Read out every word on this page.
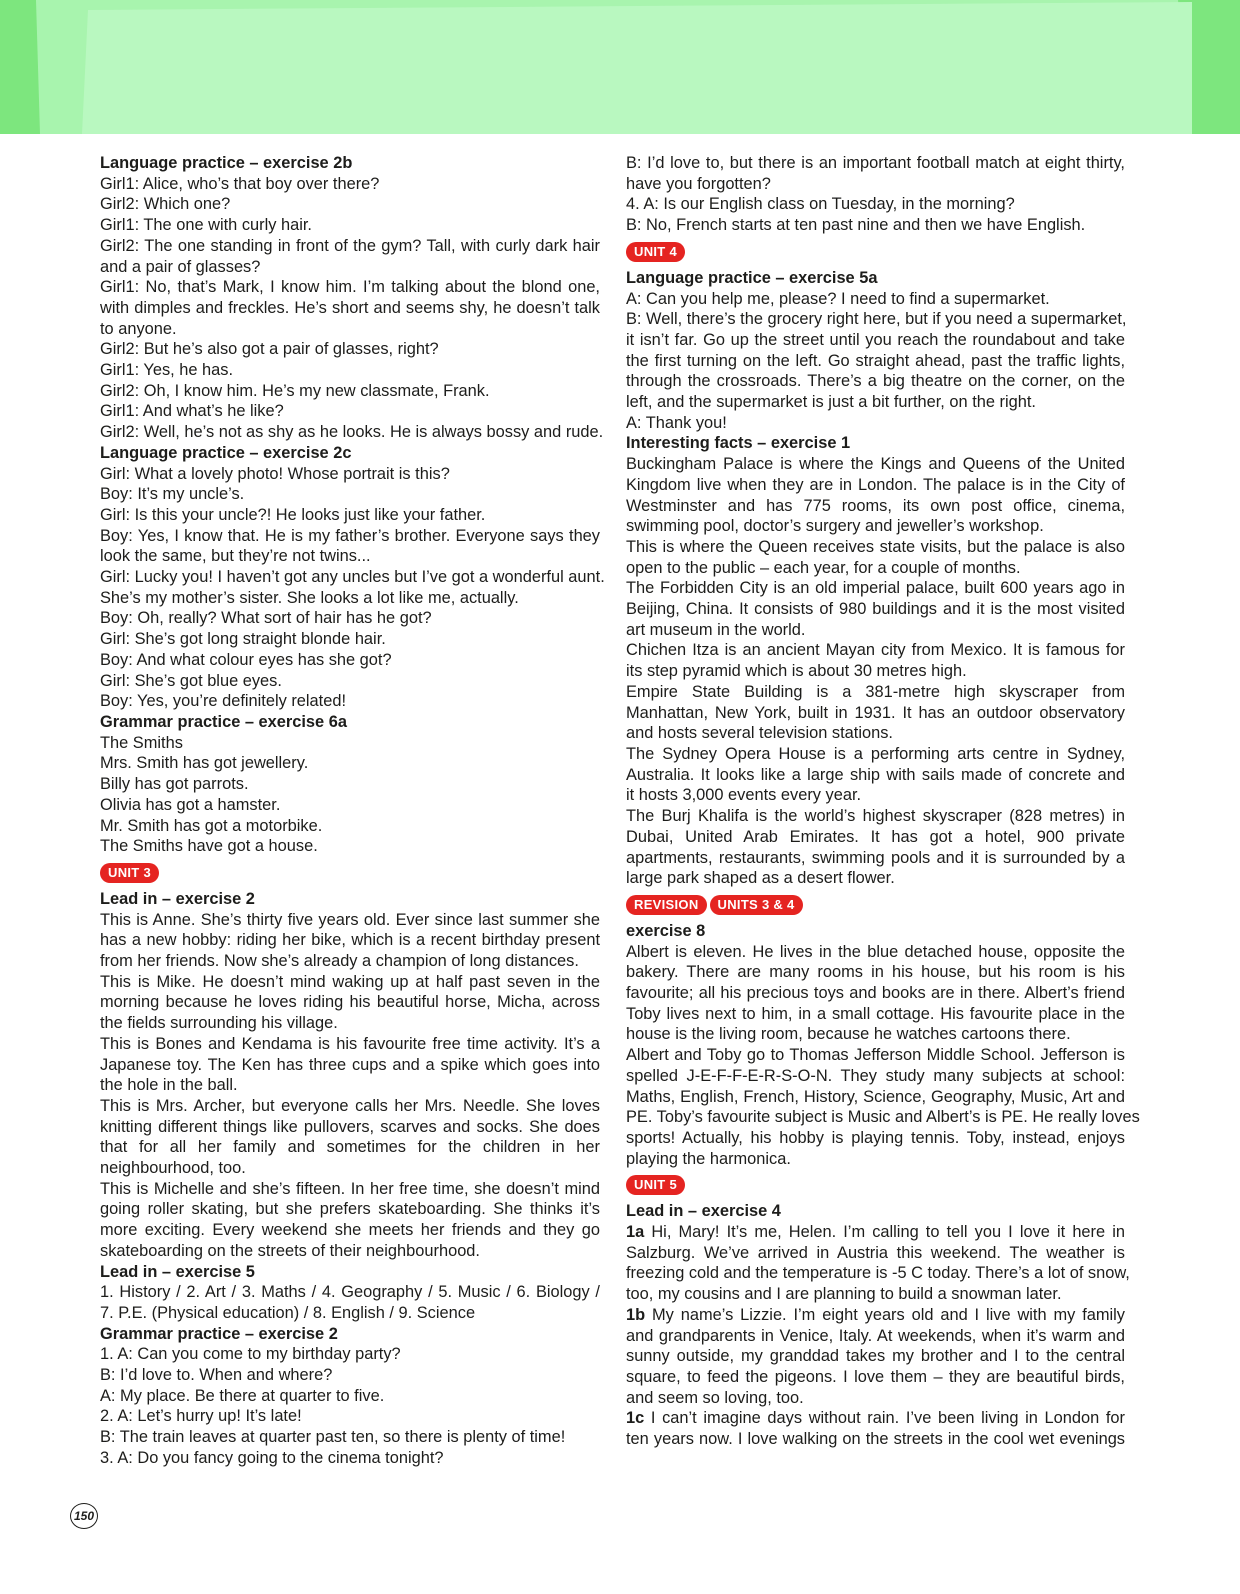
Language practice – exercise 2b
Girl1: Alice, who’s that boy over there?
Girl2: Which one?
Girl1: The one with curly hair.
Girl2: The one standing in front of the gym? Tall, with curly dark hair
and a pair of glasses?
Girl1: No, that’s Mark, I know him. I’m talking about the blond one,
with dimples and freckles. He’s short and seems shy, he doesn’t talk
to anyone.
Girl2: But he’s also got a pair of glasses, right?
Girl1: Yes, he has.
Girl2: Oh, I know him. He’s my new classmate, Frank.
Girl1: And what’s he like?
Girl2: Well, he’s not as shy as he looks. He is always bossy and rude.
Language practice – exercise 2c
Girl: What a lovely photo! Whose portrait is this?
Boy: It’s my uncle’s.
Girl: Is this your uncle?! He looks just like your father.
Boy: Yes, I know that. He is my father’s brother. Everyone says they
look the same, but they’re not twins...
Girl: Lucky you! I haven’t got any uncles but I’ve got a wonderful aunt.
She’s my mother’s sister. She looks a lot like me, actually.
Boy: Oh, really? What sort of hair has he got?
Girl: She’s got long straight blonde hair.
Boy: And what colour eyes has she got?
Girl: She’s got blue eyes.
Boy: Yes, you’re definitely related!
Grammar practice – exercise 6a
The Smiths
Mrs. Smith has got jewellery.
Billy has got parrots.
Olivia has got a hamster.
Mr. Smith has got a motorbike.
The Smiths have got a house.
UNIT 3
Lead in – exercise 2
This is Anne. She’s thirty five years old. Ever since last summer she
has a new hobby: riding her bike, which is a recent birthday present
from her friends. Now she’s already a champion of long distances.
This is Mike. He doesn’t mind waking up at half past seven in the
morning because he loves riding his beautiful horse, Micha, across
the fields surrounding his village.
This is Bones and Kendama is his favourite free time activity. It’s a
Japanese toy. The Ken has three cups and a spike which goes into
the hole in the ball.
This is Mrs. Archer, but everyone calls her Mrs. Needle. She loves
knitting different things like pullovers, scarves and socks. She does
that for all her family and sometimes for the children in her
neighbourhood, too.
This is Michelle and she’s fifteen. In her free time, she doesn’t mind
going roller skating, but she prefers skateboarding. She thinks it’s
more exciting. Every weekend she meets her friends and they go
skateboarding on the streets of their neighbourhood.
Lead in – exercise 5
1. History / 2. Art / 3. Maths / 4. Geography / 5. Music / 6. Biology /
7. P.E. (Physical education) / 8. English / 9. Science
Grammar practice – exercise 2
1. A: Can you come to my birthday party?
B: I’d love to. When and where?
A: My place. Be there at quarter to five.
2. A: Let’s hurry up! It’s late!
B: The train leaves at quarter past ten, so there is plenty of time!
3. A: Do you fancy going to the cinema tonight?
B: I’d love to, but there is an important football match at eight thirty,
have you forgotten?
4. A: Is our English class on Tuesday, in the morning?
B: No, French starts at ten past nine and then we have English.
UNIT 4
Language practice – exercise 5a
A: Can you help me, please? I need to find a supermarket.
B: Well, there’s the grocery right here, but if you need a supermarket,
it isn’t far. Go up the street until you reach the roundabout and take
the first turning on the left. Go straight ahead, past the traffic lights,
through the crossroads. There’s a big theatre on the corner, on the
left, and the supermarket is just a bit further, on the right.
A: Thank you!
Interesting facts – exercise 1
Buckingham Palace is where the Kings and Queens of the United
Kingdom live when they are in London. The palace is in the City of
Westminster and has 775 rooms, its own post office, cinema,
swimming pool, doctor’s surgery and jeweller’s workshop.
This is where the Queen receives state visits, but the palace is also
open to the public – each year, for a couple of months.
The Forbidden City is an old imperial palace, built 600 years ago in
Beijing, China. It consists of 980 buildings and it is the most visited
art museum in the world.
Chichen Itza is an ancient Mayan city from Mexico. It is famous for
its step pyramid which is about 30 metres high.
Empire State Building is a 381-metre high skyscraper from
Manhattan, New York, built in 1931. It has an outdoor observatory
and hosts several television stations.
The Sydney Opera House is a performing arts centre in Sydney,
Australia. It looks like a large ship with sails made of concrete and
it hosts 3,000 events every year.
The Burj Khalifa is the world’s highest skyscraper (828 metres) in
Dubai, United Arab Emirates. It has got a hotel, 900 private
apartments, restaurants, swimming pools and it is surrounded by a
large park shaped as a desert flower.
REVISION	UNITS 3 & 4
exercise 8
Albert is eleven. He lives in the blue detached house, opposite the
bakery. There are many rooms in his house, but his room is his
favourite; all his precious toys and books are in there. Albert’s friend
Toby lives next to him, in a small cottage. His favourite place in the
house is the living room, because he watches cartoons there.
Albert and Toby go to Thomas Jefferson Middle School. Jefferson is
spelled J-E-F-F-E-R-S-O-N. They study many subjects at school:
Maths, English, French, History, Science, Geography, Music, Art and
PE. Toby’s favourite subject is Music and Albert’s is PE. He really loves
sports! Actually, his hobby is playing tennis. Toby, instead, enjoys
playing the harmonica.
UNIT 5
Lead in – exercise 4
1a Hi, Mary! It’s me, Helen. I’m calling to tell you I love it here in
Salzburg. We’ve arrived in Austria this weekend. The weather is
freezing cold and the temperature is -5 C today. There’s a lot of snow,
too, my cousins and I are planning to build a snowman later.
1b My name’s Lizzie. I’m eight years old and I live with my family
and grandparents in Venice, Italy. At weekends, when it’s warm and
sunny outside, my granddad takes my brother and I to the central
square, to feed the pigeons. I love them – they are beautiful birds,
and seem so loving, too.
1c I can’t imagine days without rain. I’ve been living in London for
ten years now. I love walking on the streets in the cool wet evenings
150
